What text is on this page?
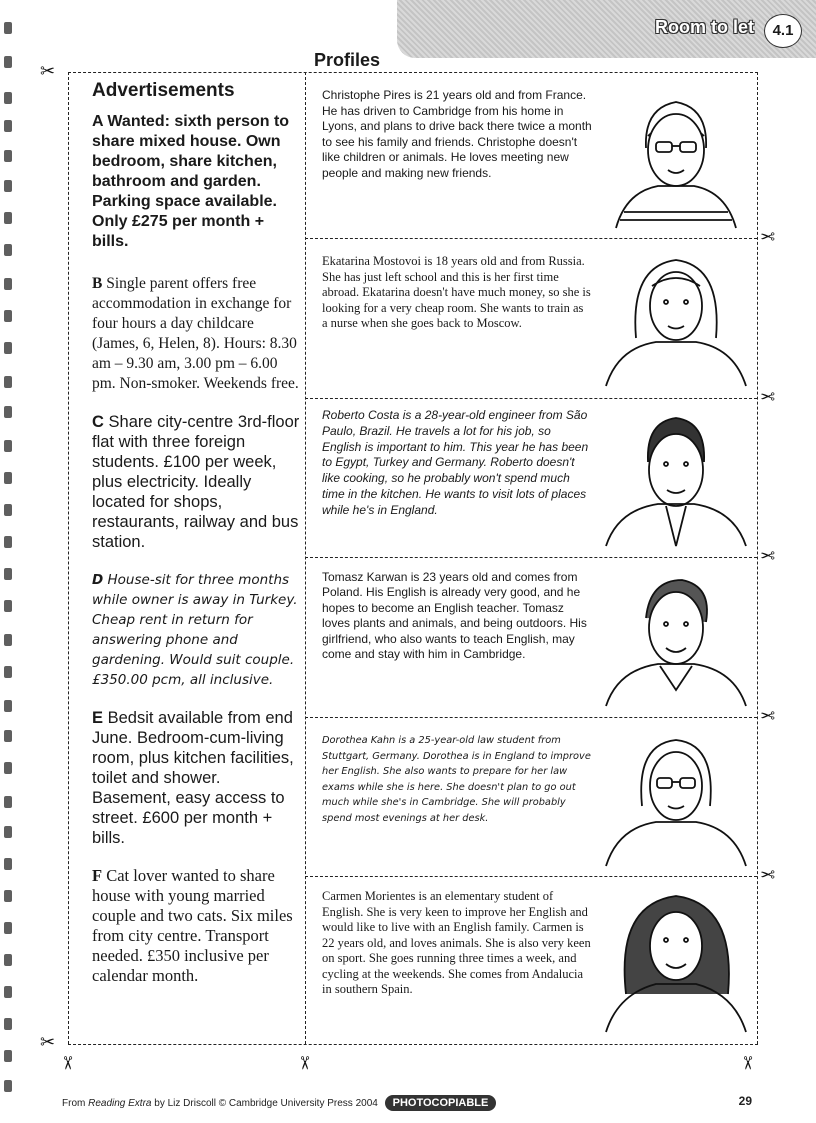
Room to let	4.1
Profiles
✂
✂
✂
✂
✂
✂
✂
✂	✂	✂
Advertisements
A Wanted: sixth person to share mixed house. Own bedroom, share kitchen, bathroom and garden. Parking space available. Only £275 per month + bills.
B Single parent offers free accommodation in exchange for four hours a day childcare (James, 6, Helen, 8). Hours: 8.30 am – 9.30 am, 3.00 pm – 6.00 pm. Non-smoker. Weekends free.
C Share city-centre 3rd-floor flat with three foreign students. £100 per week, plus electricity. Ideally located for shops, restaurants, railway and bus station.
D House-sit for three months while owner is away in Turkey. Cheap rent in return for answering phone and gardening. Would suit couple. £350.00 pcm, all inclusive.
E Bedsit available from end June. Bedroom-cum-living room, plus kitchen facilities, toilet and shower. Basement, easy access to street. £600 per month + bills.
F Cat lover wanted to share house with young married couple and two cats. Six miles from city centre. Transport needed. £350 inclusive per calendar month.
Christophe Pires is 21 years old and from France. He has driven to Cambridge from his home in Lyons, and plans to drive back there twice a month to see his family and friends. Christophe doesn't like children or animals. He loves meeting new people and making new friends.
Ekatarina Mostovoi is 18 years old and from Russia. She has just left school and this is her first time abroad. Ekatarina doesn't have much money, so she is looking for a very cheap room. She wants to train as a nurse when she goes back to Moscow.
Roberto Costa is a 28-year-old engineer from São Paulo, Brazil. He travels a lot for his job, so English is important to him. This year he has been to Egypt, Turkey and Germany. Roberto doesn't like cooking, so he probably won't spend much time in the kitchen. He wants to visit lots of places while he's in England.
Tomasz Karwan is 23 years old and comes from Poland. His English is already very good, and he hopes to become an English teacher. Tomasz loves plants and animals, and being outdoors. His girlfriend, who also wants to teach English, may come and stay with him in Cambridge.
Dorothea Kahn is a 25-year-old law student from Stuttgart, Germany. Dorothea is in England to improve her English. She also wants to prepare for her law exams while she is here. She doesn't plan to go out much while she's in Cambridge. She will probably spend most evenings at her desk.
Carmen Morientes is an elementary student of English. She is very keen to improve her English and would like to live with an English family. Carmen is 22 years old, and loves animals. She is also very keen on sport. She goes running three times a week, and cycling at the weekends. She comes from Andalucia in southern Spain.
From Reading Extra by Liz Driscoll © Cambridge University Press 2004 PHOTOCOPIABLE	29
